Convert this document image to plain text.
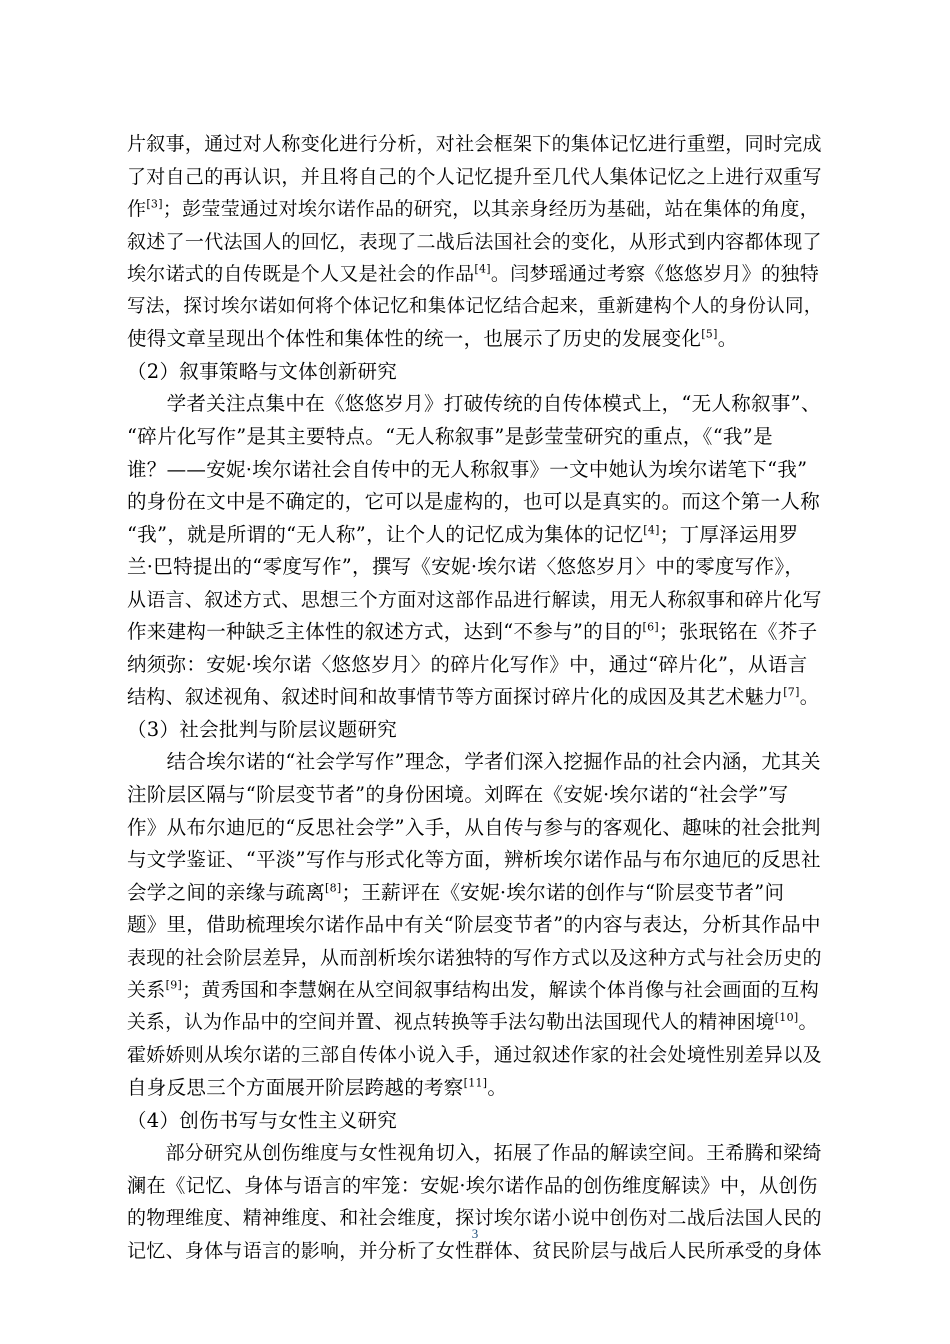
片叙事，通过对人称变化进行分析，对社会框架下的集体记忆进行重塑，同时完成
了对自己的再认识，并且将自己的个人记忆提升至几代人集体记忆之上进行双重写
作[3]；彭莹莹通过对埃尔诺作品的研究，以其亲身经历为基础，站在集体的角度，
叙述了一代法国人的回忆，表现了二战后法国社会的变化，从形式到内容都体现了
埃尔诺式的自传既是个人又是社会的作品[4]。闫梦瑶通过考察《悠悠岁月》的独特
写法，探讨埃尔诺如何将个体记忆和集体记忆结合起来，重新建构个人的身份认同，
使得文章呈现出个体性和集体性的统一，也展示了历史的发展变化[5]。
（2）叙事策略与文体创新研究
　　学者关注点集中在《悠悠岁月》打破传统的自传体模式上，“无人称叙事”、
“碎片化写作”是其主要特点。“无人称叙事”是彭莹莹研究的重点，《“我”是
谁？——安妮·埃尔诺社会自传中的无人称叙事》一文中她认为埃尔诺笔下“我”
的身份在文中是不确定的，它可以是虚构的，也可以是真实的。而这个第一人称
“我”，就是所谓的“无人称”，让个人的记忆成为集体的记忆[4]；丁厚泽运用罗
兰·巴特提出的“零度写作”，撰写《安妮·埃尔诺〈悠悠岁月〉中的零度写作》，
从语言、叙述方式、思想三个方面对这部作品进行解读，用无人称叙事和碎片化写
作来建构一种缺乏主体性的叙述方式，达到“不参与”的目的[6]；张珉铭在《芥子
纳须弥：安妮·埃尔诺〈悠悠岁月〉的碎片化写作》中，通过“碎片化”，从语言
结构、叙述视角、叙述时间和故事情节等方面探讨碎片化的成因及其艺术魅力[7]。
（3）社会批判与阶层议题研究
　　结合埃尔诺的“社会学写作”理念，学者们深入挖掘作品的社会内涵，尤其关
注阶层区隔与“阶层变节者”的身份困境。刘晖在《安妮·埃尔诺的“社会学”写
作》从布尔迪厄的“反思社会学”入手，从自传与参与的客观化、趣味的社会批判
与文学鉴证、“平淡”写作与形式化等方面，辨析埃尔诺作品与布尔迪厄的反思社
会学之间的亲缘与疏离[8]；王薪评在《安妮·埃尔诺的创作与“阶层变节者”问
题》里，借助梳理埃尔诺作品中有关“阶层变节者”的内容与表达，分析其作品中
表现的社会阶层差异，从而剖析埃尔诺独特的写作方式以及这种方式与社会历史的
关系[9]；黄秀国和李慧娴在从空间叙事结构出发，解读个体肖像与社会画面的互构
关系，认为作品中的空间并置、视点转换等手法勾勒出法国现代人的精神困境[10]。
霍娇娇则从埃尔诺的三部自传体小说入手，通过叙述作家的社会处境性别差异以及
自身反思三个方面展开阶层跨越的考察[11]。
（4）创伤书写与女性主义研究
　　部分研究从创伤维度与女性视角切入，拓展了作品的解读空间。王希腾和梁绮
澜在《记忆、身体与语言的牢笼：安妮·埃尔诺作品的创伤维度解读》中，从创伤
的物理维度、精神维度、和社会维度，探讨埃尔诺小说中创伤对二战后法国人民的
记忆、身体与语言的影响，并分析了女性群体、贫民阶层与战后人民所承受的身体
3
